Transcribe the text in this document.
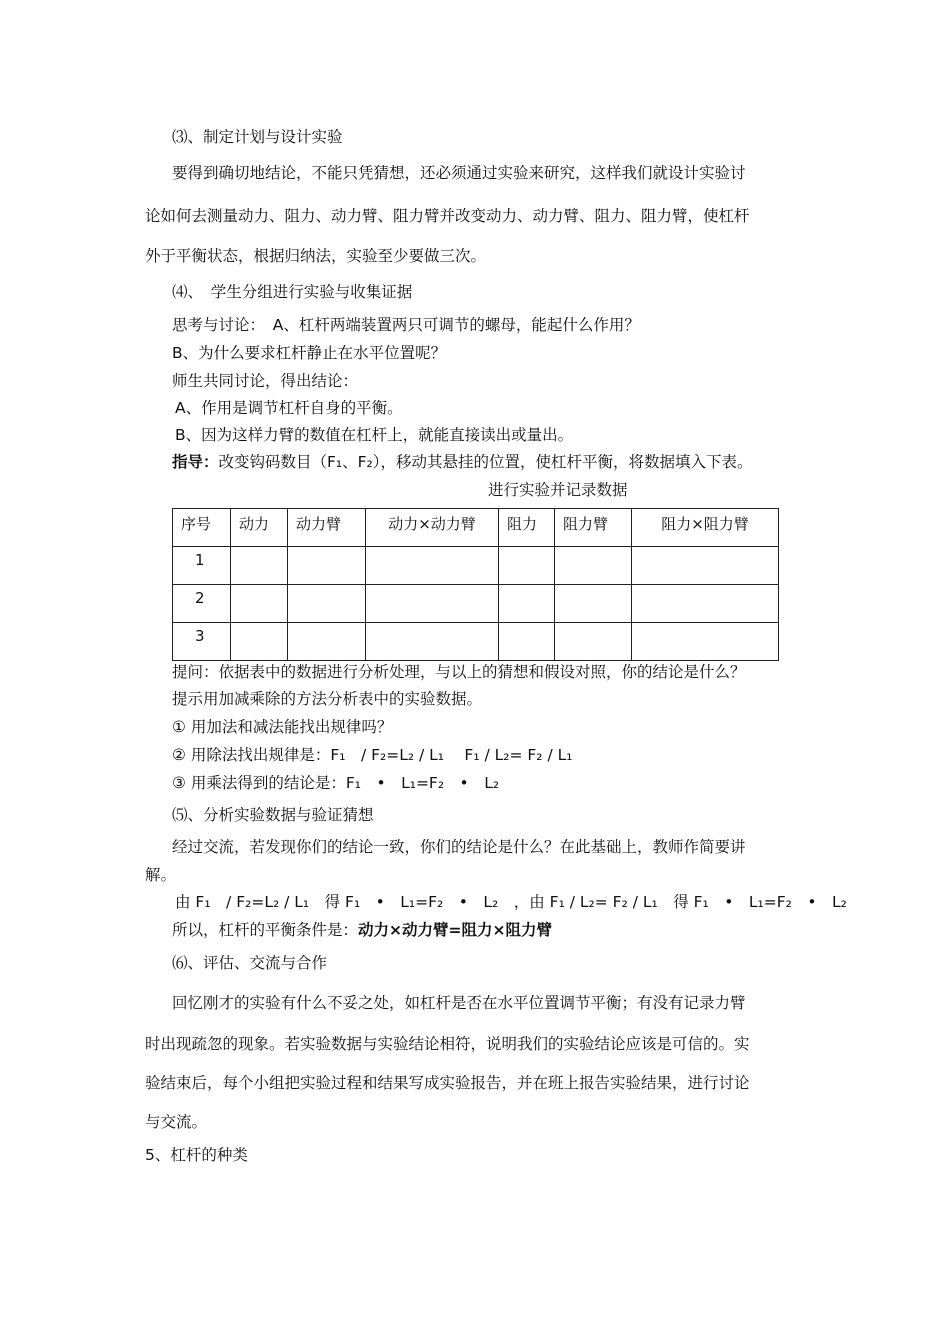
⑶、制定计划与设计实验
要得到确切地结论，不能只凭猜想，还必须通过实验来研究，这样我们就设计实验讨
论如何去测量动力、阻力、动力臂、阻力臂并改变动力、动力臂、阻力、阻力臂，使杠杆
外于平衡状态，根据归纳法，实验至少要做三次。
⑷、　学生分组进行实验与收集证据
思考与讨论：　A、杠杆两端装置两只可调节的螺母，能起什么作用？
B、为什么要求杠杆静止在水平位置呢？
师生共同讨论，得出结论：
A、作用是调节杠杆自身的平衡。
B、因为这样力臂的数值在杠杆上，就能直接读出或量出。
指导：改变钩码数目（F₁、F₂），移动其悬挂的位置，使杠杆平衡，将数据填入下表。
进行实验并记录数据
序号	动力	动力臂	动力×动力臂	阻力	阻力臂	阻力×阻力臂
1						
2						
3						
提问：依据表中的数据进行分析处理，与以上的猜想和假设对照，你的结论是什么？
提示用加减乘除的方法分析表中的实验数据。
① 用加法和减法能找出规律吗？
② 用除法找出规律是：F₁　/ F₂=L₂ / L₁　 F₁ / L₂= F₂ / L₁
③ 用乘法得到的结论是：F₁　•　L₁=F₂　•　L₂
⑸、分析实验数据与验证猜想
经过交流，若发现你们的结论一致，你们的结论是什么？在此基础上，教师作简要讲
解。
由 F₁　/ F₂=L₂ / L₁　得 F₁　•　L₁=F₂　•　L₂　，由 F₁ / L₂= F₂ / L₁　得 F₁　•　L₁=F₂　•　L₂
所以，杠杆的平衡条件是：动力×动力臂=阻力×阻力臂
⑹、评估、交流与合作
回忆刚才的实验有什么不妥之处，如杠杆是否在水平位置调节平衡；有没有记录力臂
时出现疏忽的现象。若实验数据与实验结论相符，说明我们的实验结论应该是可信的。实
验结束后，每个小组把实验过程和结果写成实验报告，并在班上报告实验结果，进行讨论
与交流。
5、杠杆的种类
